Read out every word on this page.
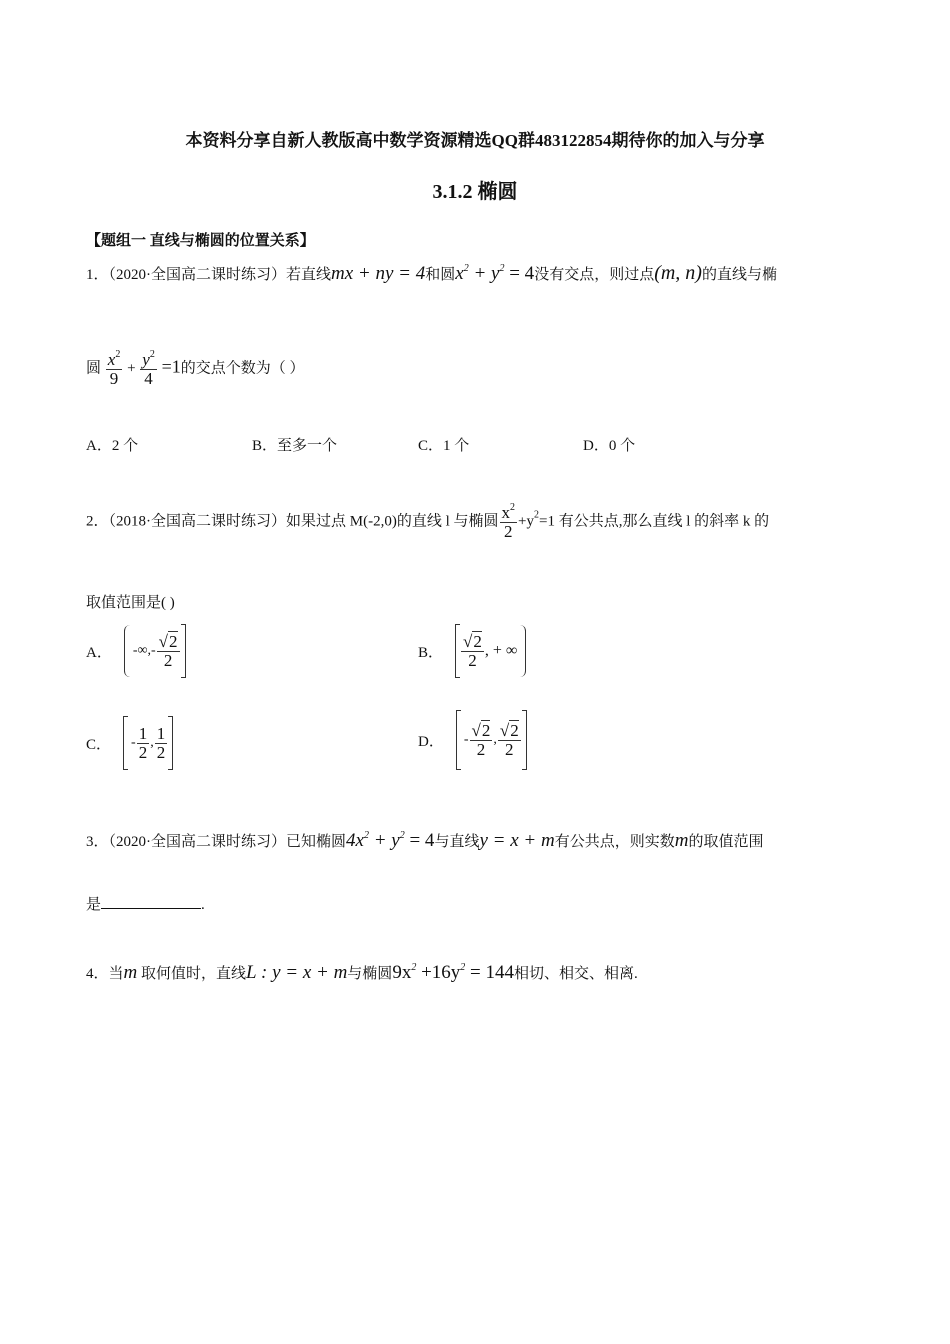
本资料分享自新人教版高中数学资源精选QQ群483122854期待你的加入与分享
3.1.2 椭圆
【题组一 直线与椭圆的位置关系】
1．（2020·全国高二课时练习）若直线mx + ny = 4和圆$x^2 + y^2 = 4$没有交点，则过点(m, n)的直线与椭
圆 $\frac{x^2}{9} + \frac{y^2}{4} =1$的交点个数为（ ）
A．2 个	B．至多一个	C．1 个	D．0 个
2．（2018·全国高二课时练习）如果过点 M(-2,0)的直线 l 与椭圆 $\frac{x^2}{2} +y^2=1$ 有公共点,那么直线 l 的斜率 k 的
取值范围是( )
A． -∞,- $\frac{√2}{2}$	B． $\frac{√2}{2}$ , + ∞
C． - $\frac{1}{2}$ , $\frac{1}{2}$	D． - $\frac{√2}{2}$ , $\frac{√2}{2}$
3．（2020·全国高二课时练习）已知椭圆$4x^2 + y^2 = 4$与直线y = x + m有公共点，则实数m的取值范围
是	.
4．当m 取何值时，直线L : y = x + m与椭圆$9x^2 +16y^2 = 144$相切、相交、相离.
